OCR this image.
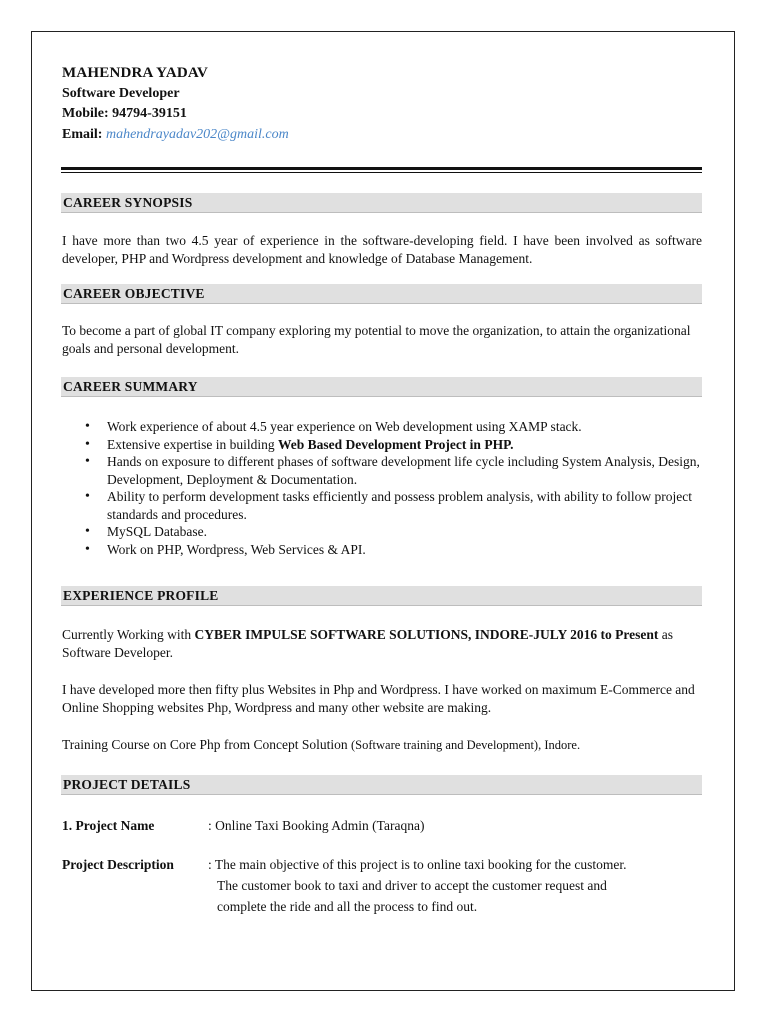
MAHENDRA YADAV
Software Developer
Mobile: 94794-39151
Email: mahendrayadav202@gmail.com
CAREER SYNOPSIS
I have more than two 4.5 year of experience in the software-developing field. I have been involved as software developer, PHP and Wordpress development and knowledge of Database Management.
CAREER OBJECTIVE
To become a part of global IT company exploring my potential to move the organization, to attain the organizational goals and personal development.
CAREER SUMMARY
• Work experience of about 4.5 year experience on Web development using XAMP stack.
• Extensive expertise in building Web Based Development Project in PHP.
• Hands on exposure to different phases of software development life cycle including System Analysis, Design, Development, Deployment & Documentation.
• Ability to perform development tasks efficiently and possess problem analysis, with ability to follow project standards and procedures.
• MySQL Database.
• Work on PHP, Wordpress, Web Services & API.
EXPERIENCE PROFILE
Currently Working with CYBER IMPULSE SOFTWARE SOLUTIONS, INDORE-JULY 2016 to Present as Software Developer.
I have developed more then fifty plus Websites in Php and Wordpress. I have worked on maximum E-Commerce and Online Shopping websites Php, Wordpress and many other website are making.
Training Course on Core Php from Concept Solution (Software training and Development), Indore.
PROJECT DETAILS
1. Project Name	: Online Taxi Booking Admin (Taraqna)
Project Description	: The main objective of this project is to online taxi booking for the customer.
The customer book to taxi and driver to accept the customer request and
complete the ride and all the process to find out.
